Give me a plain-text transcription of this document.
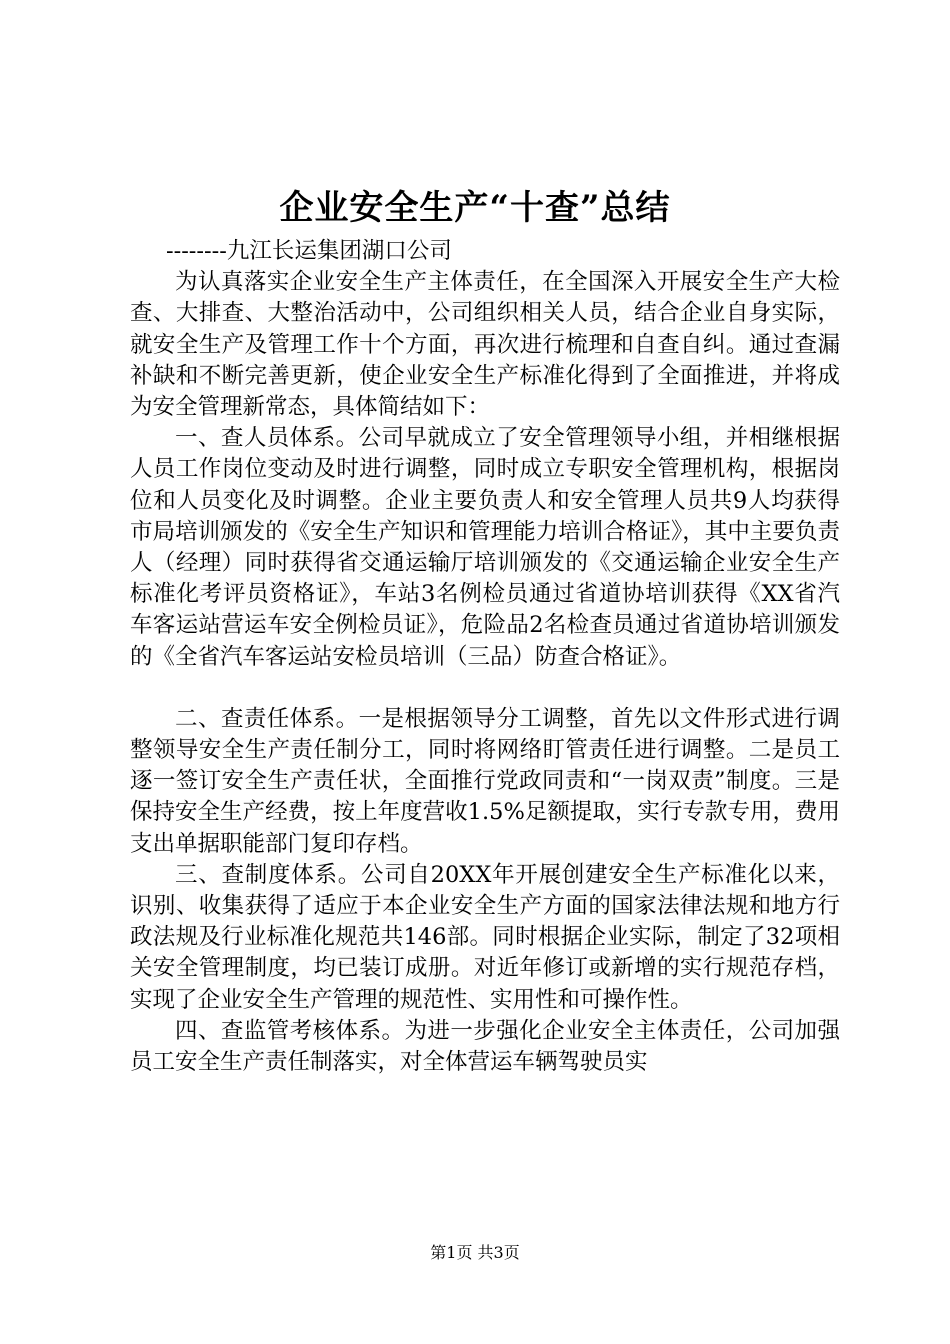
企业安全生产“十查”总结

--------九江长运集团湖口公司

为认真落实企业安全生产主体责任，在全国深入开展安全生产大检查、大排查、大整治活动中，公司组织相关人员，结合企业自身实际，就安全生产及管理工作十个方面，再次进行梳理和自查自纠。通过查漏补缺和不断完善更新，使企业安全生产标准化得到了全面推进，并将成为安全管理新常态，具体简结如下：

一、查人员体系。公司早就成立了安全管理领导小组，并相继根据人员工作岗位变动及时进行调整，同时成立专职安全管理机构，根据岗位和人员变化及时调整。企业主要负责人和安全管理人员共9人均获得市局培训颁发的《安全生产知识和管理能力培训合格证》，其中主要负责人（经理）同时获得省交通运输厅培训颁发的《交通运输企业安全生产标准化考评员资格证》，车站3名例检员通过省道协培训获得《XX省汽车客运站营运车安全例检员证》，危险品2名检查员通过省道协培训颁发的《全省汽车客运站安检员培训（三品）防查合格证》。

二、查责任体系。一是根据领导分工调整，首先以文件形式进行调整领导安全生产责任制分工，同时将网络盯管责任进行调整。二是员工逐一签订安全生产责任状，全面推行党政同责和“一岗双责”制度。三是保持安全生产经费，按上年度营收1.5%足额提取，实行专款专用，费用支出单据职能部门复印存档。

三、查制度体系。公司自20XX年开展创建安全生产标准化以来，识别、收集获得了适应于本企业安全生产方面的国家法律法规和地方行政法规及行业标准化规范共146部。同时根据企业实际，制定了32项相关安全管理制度，均已装订成册。对近年修订或新增的实行规范存档，实现了企业安全生产管理的规范性、实用性和可操作性。

四、查监管考核体系。为进一步强化企业安全主体责任，公司加强员工安全生产责任制落实，对全体营运车辆驾驶员实

第1页 共3页
